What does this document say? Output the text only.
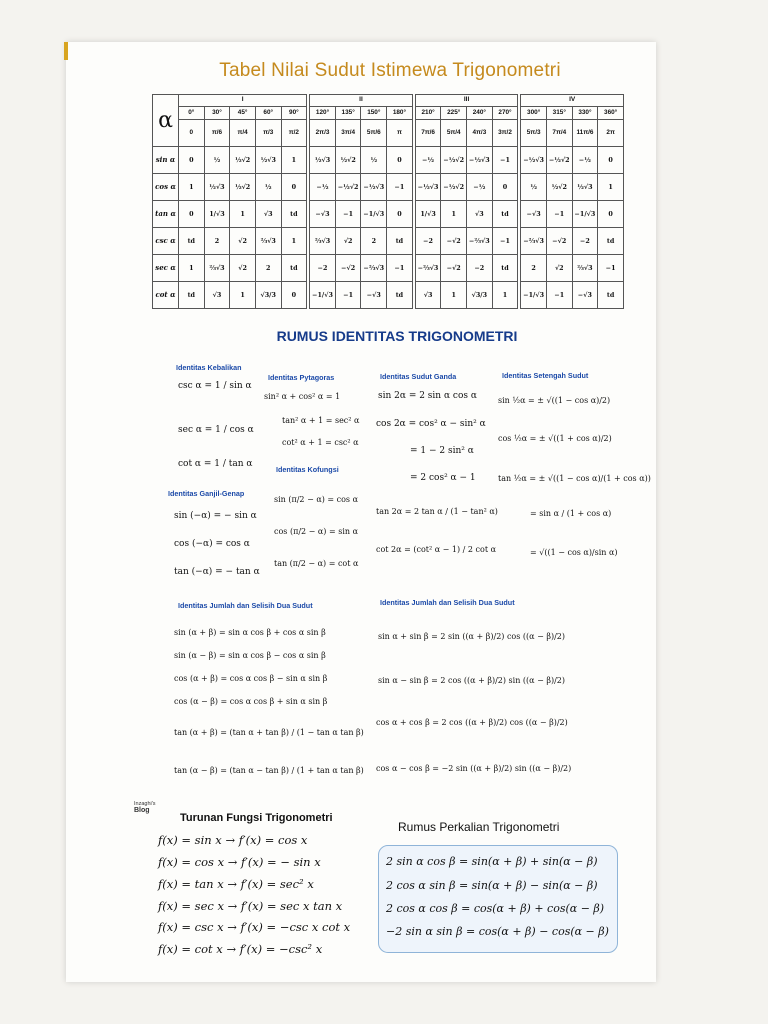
Tabel Nilai Sudut Istimewa Trigonometri
α	I						II					III					IV			
	0°	30°	45°	60°	90°		120°	135°	150°	180°		210°	225°	240°	270°		300°	315°	330°	360°
	0	π/6	π/4	π/3	π/2		2π/3	3π/4	5π/6	π		7π/6	5π/4	4π/3	3π/2		5π/3	7π/4	11π/6	2π
sin α	0	½	½√2	½√3	1		½√3	½√2	½	0		−½	−½√2	−½√3	−1		−½√3	−½√2	−½	0
cos α	1	½√3	½√2	½	0		−½	−½√2	−½√3	−1		−½√3	−½√2	−½	0		½	½√2	½√3	1
tan α	0	1/√3	1	√3	td		−√3	−1	−1/√3	0		1/√3	1	√3	td		−√3	−1	−1/√3	0
csc α	td	2	√2	⅔√3	1		⅔√3	√2	2	td		−2	−√2	−⅔√3	−1		−⅔√3	−√2	−2	td
sec α	1	⅔√3	√2	2	td		−2	−√2	−⅔√3	−1		−⅔√3	−√2	−2	td		2	√2	⅔√3	−1
cot α	td	√3	1	√3/3	0		−1/√3	−1	−√3	td		√3	1	√3/3	1		−1/√3	−1	−√3	td
RUMUS IDENTITAS TRIGONOMETRI
Identitas Kebalikan
csc α = 1 / sin α
sec α = 1 / cos α
cot α = 1 / tan α
Identitas Pytagoras
sin² α + cos² α = 1
tan² α + 1 = sec² α
cot² α + 1 = csc² α
Identitas Kofungsi
sin (π/2 − α) = cos α
cos (π/2 − α) = sin α
tan (π/2 − α) = cot α
Identitas Ganjil-Genap
sin (−α) = − sin α
cos (−α) = cos α
tan (−α) = − tan α
Identitas Sudut Ganda
sin 2α = 2 sin α cos α
cos 2α = cos² α − sin² α
= 1 − 2 sin² α
= 2 cos² α − 1
tan 2α = 2 tan α / (1 − tan² α)
cot 2α = (cot² α − 1) / 2 cot α
Identitas Setengah Sudut
sin ½α = ± √((1 − cos α)/2)
cos ½α = ± √((1 + cos α)/2)
tan ½α = ± √((1 − cos α)/(1 + cos α))
= sin α / (1 + cos α)
= √((1 − cos α)/sin α)
Identitas Jumlah dan Selisih Dua Sudut
sin (α + β) = sin α cos β + cos α sin β
sin (α − β) = sin α cos β − cos α sin β
cos (α + β) = cos α cos β − sin α sin β
cos (α − β) = cos α cos β + sin α sin β
tan (α + β) = (tan α + tan β) / (1 − tan α tan β)
tan (α − β) = (tan α − tan β) / (1 + tan α tan β)
Identitas Jumlah dan Selisih Dua Sudut
sin α + sin β = 2 sin ((α + β)/2) cos ((α − β)/2)
sin α − sin β = 2 cos ((α + β)/2) sin ((α − β)/2)
cos α + cos β = 2 cos ((α + β)/2) cos ((α − β)/2)
cos α − cos β = −2 sin ((α + β)/2) sin ((α − β)/2)
Inzaghi's
Blog
Turunan Fungsi Trigonometri
f(x) = sin x → f′(x) = cos x
f(x) = cos x → f′(x) = − sin x
f(x) = tan x → f′(x) = sec² x
f(x) = sec x → f′(x) = sec x tan x
f(x) = csc x → f′(x) = −csc x cot x
f(x) = cot x → f′(x) = −csc² x
Rumus Perkalian Trigonometri
2 sin α cos β = sin(α + β) + sin(α − β)
2 cos α sin β = sin(α + β) − sin(α − β)
2 cos α cos β = cos(α + β) + cos(α − β)
−2 sin α sin β = cos(α + β) − cos(α − β)
